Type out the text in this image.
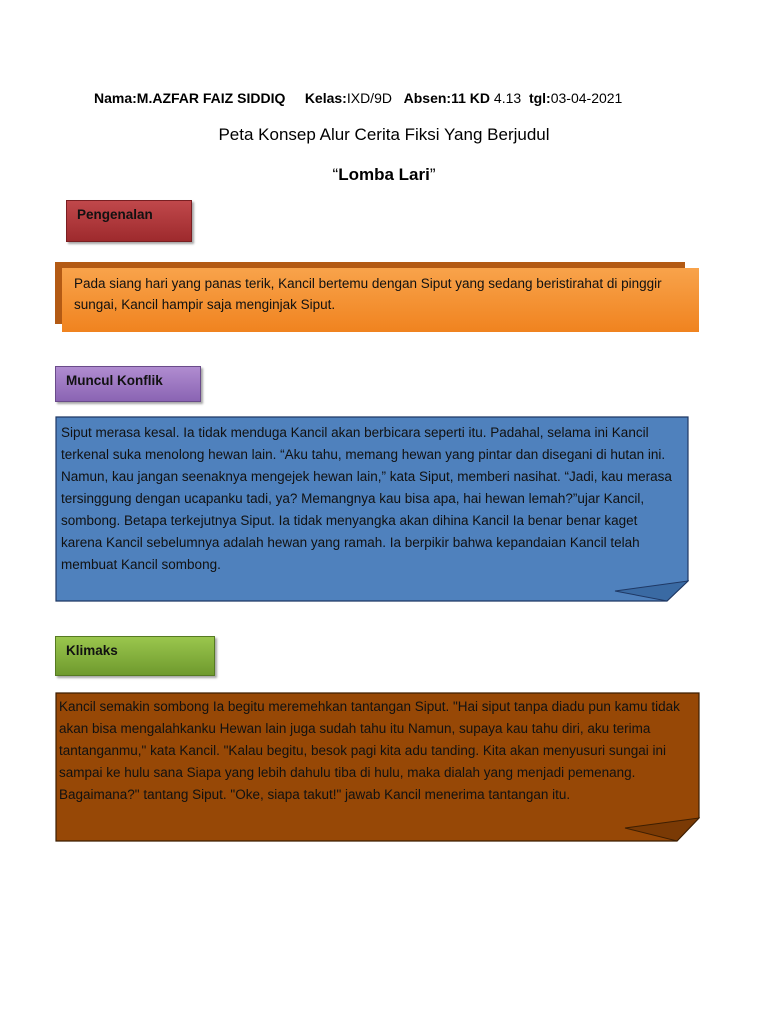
Nama:M.AZFAR FAIZ SIDDIQ Kelas:IXD/9D Absen:11 KD 4.13 tgl:03-04-2021
Peta Konsep Alur Cerita Fiksi Yang Berjudul
“Lomba Lari”
Pengenalan
Pada siang hari yang panas terik, Kancil bertemu dengan Siput yang sedang beristirahat di pinggir sungai, Kancil hampir saja menginjak Siput.
Muncul Konflik
Siput merasa kesal. Ia tidak menduga Kancil akan berbicara seperti itu. Padahal, selama ini Kancil terkenal suka menolong hewan lain. “Aku tahu, memang hewan yang pintar dan disegani di hutan ini. Namun, kau jangan seenaknya mengejek hewan lain,” kata Siput, memberi nasihat. “Jadi, kau merasa tersinggung dengan ucapanku tadi, ya? Memangnya kau bisa apa, hai hewan lemah?”ujar Kancil, sombong. Betapa terkejutnya Siput. Ia tidak menyangka akan dihina Kancil Ia benar benar kaget karena Kancil sebelumnya adalah hewan yang ramah. Ia berpikir bahwa kepandaian Kancil telah membuat Kancil sombong.
Klimaks
Kancil semakin sombong Ia begitu meremehkan tantangan Siput. "Hai siput tanpa diadu pun kamu tidak akan bisa mengalahkanku Hewan lain juga sudah tahu itu Namun, supaya kau tahu diri, aku terima tantanganmu," kata Kancil. "Kalau begitu, besok pagi kita adu tanding. Kita akan menyusuri sungai ini sampai ke hulu sana Siapa yang lebih dahulu tiba di hulu, maka dialah yang menjadi pemenang. Bagaimana?" tantang Siput. "Oke, siapa takut!" jawab Kancil menerima tantangan itu.
